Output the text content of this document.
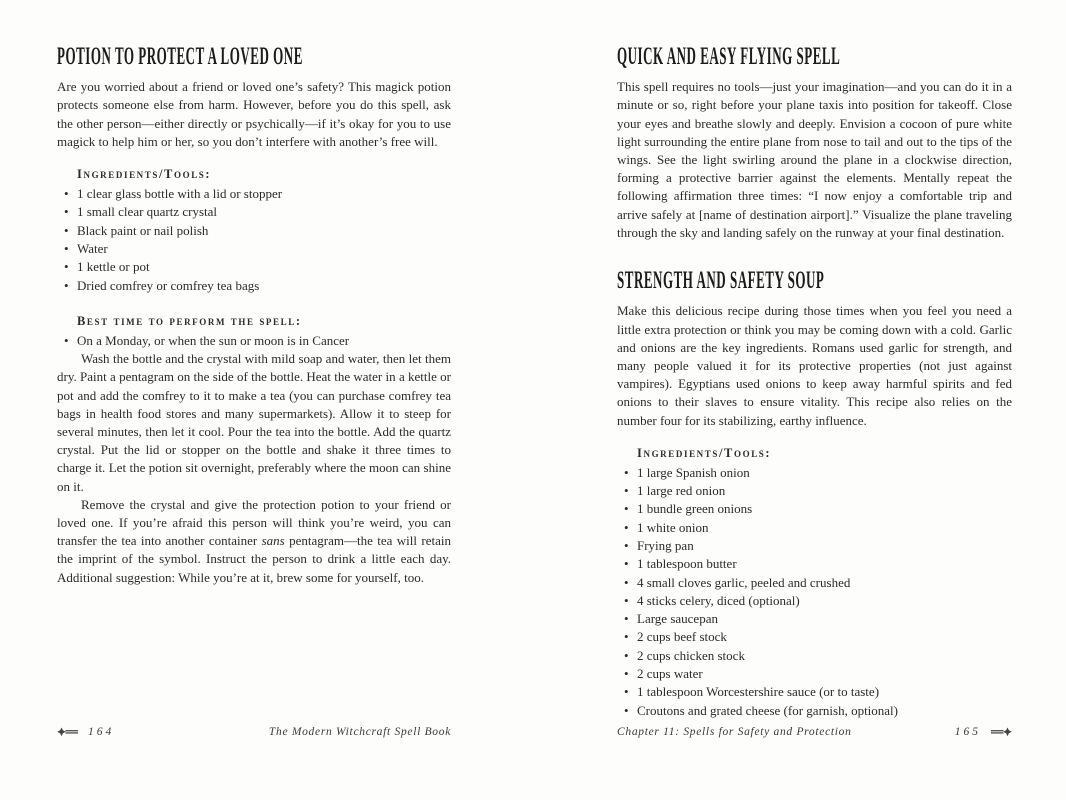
POTION TO PROTECT A LOVED ONE

Are you worried about a friend or loved one’s safety? This magick potion protects someone else from harm. However, before you do this spell, ask the other person—either directly or psychically—if it’s okay for you to use magick to help him or her, so you don’t interfere with another’s free will.

Ingredients/Tools:
• 1 clear glass bottle with a lid or stopper
• 1 small clear quartz crystal
• Black paint or nail polish
• Water
• 1 kettle or pot
• Dried comfrey or comfrey tea bags
Best time to perform the spell:
• On a Monday, or when the sun or moon is in Cancer

Wash the bottle and the crystal with mild soap and water, then let them dry. Paint a pentagram on the side of the bottle. Heat the water in a kettle or pot and add the comfrey to it to make a tea (you can purchase comfrey tea bags in health food stores and many supermarkets). Allow it to steep for several minutes, then let it cool. Pour the tea into the bottle. Add the quartz crystal. Put the lid or stopper on the bottle and shake it three times to charge it. Let the potion sit overnight, preferably where the moon can shine on it.

Remove the crystal and give the protection potion to your friend or loved one. If you’re afraid this person will think you’re weird, you can transfer the tea into another container sans pentagram—the tea will retain the imprint of the symbol. Instruct the person to drink a little each day. Additional suggestion: While you’re at it, brew some for yourself, too.

QUICK AND EASY FLYING SPELL

This spell requires no tools—just your imagination—and you can do it in a minute or so, right before your plane taxis into position for takeoff. Close your eyes and breathe slowly and deeply. Envision a cocoon of pure white light surrounding the entire plane from nose to tail and out to the tips of the wings. See the light swirling around the plane in a clockwise direction, forming a protective barrier against the elements. Mentally repeat the following affirmation three times: “I now enjoy a comfortable trip and arrive safely at [name of destination airport].” Visualize the plane traveling through the sky and landing safely on the runway at your final destination.

STRENGTH AND SAFETY SOUP

Make this delicious recipe during those times when you feel you need a little extra protection or think you may be coming down with a cold. Garlic and onions are the key ingredients. Romans used garlic for strength, and many people valued it for its protective properties (not just against vampires). Egyptians used onions to keep away harmful spirits and fed onions to their slaves to ensure vitality. This recipe also relies on the number four for its stabilizing, earthy influence.

Ingredients/Tools:
• 1 large Spanish onion
• 1 large red onion
• 1 bundle green onions
• 1 white onion
• Frying pan
• 1 tablespoon butter
• 4 small cloves garlic, peeled and crushed
• 4 sticks celery, diced (optional)
• Large saucepan
• 2 cups beef stock
• 2 cups chicken stock
• 2 cups water
• 1 tablespoon Worcestershire sauce (or to taste)
• Croutons and grated cheese (for garnish, optional)
164	The Modern Witchcraft Spell Book	Chapter 11: Spells for Safety and Protection	165
